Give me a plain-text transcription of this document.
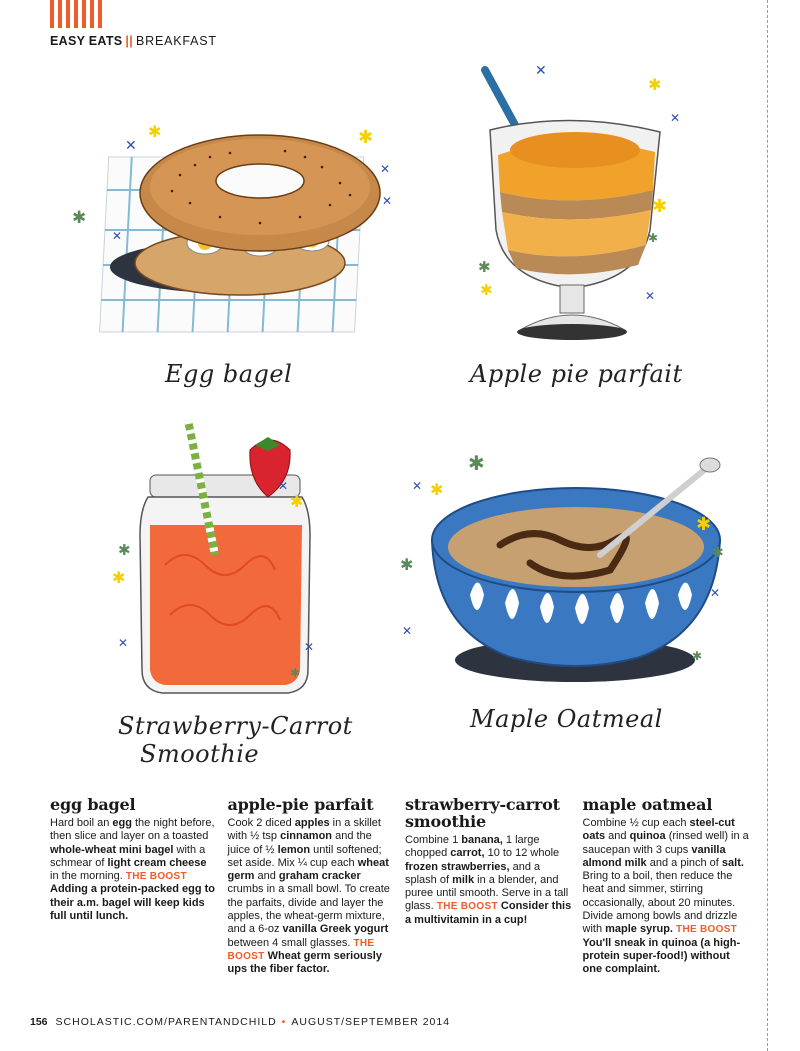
EASY EATS || BREAKFAST
✕
✱
✱
✕
✱
✕
✕
Egg bagel
✕
✱
✕
✱
✱
✱
✱	✕
Apple pie parfait
✱
✕
✱
✱
✕	✕
✱
Strawberry-Carrot
Smoothie
✱
✱
✕
✱
✱
✱
✕
✕
✱
Maple Oatmeal
egg bagel

Hard boil an egg the night before, then slice and layer on a toasted whole-wheat mini bagel with a schmear of light cream cheese in the morning. THE BOOST Adding a protein-packed egg to their a.m. bagel will keep kids full until lunch.

apple-pie parfait

Cook 2 diced apples in a skillet with ½ tsp cinnamon and the juice of ½ lemon until softened; set aside. Mix ¼ cup each wheat germ and graham cracker crumbs in a small bowl. To create the parfaits, divide and layer the apples, the wheat-germ mixture, and a 6-oz vanilla Greek yogurt between 4 small glasses. THE BOOST Wheat germ seriously ups the fiber factor.

strawberry-carrot smoothie

Combine 1 banana, 1 large chopped carrot, 10 to 12 whole frozen strawberries, and a splash of milk in a blender, and puree until smooth. Serve in a tall glass. THE BOOST Consider this a multivitamin in a cup!

maple oatmeal

Combine ½ cup each steel-cut oats and quinoa (rinsed well) in a saucepan with 3 cups vanilla almond milk and a pinch of salt. Bring to a boil, then reduce the heat and simmer, stirring occasionally, about 20 minutes. Divide among bowls and drizzle with maple syrup. THE BOOST You'll sneak in quinoa (a high-protein super-food!) without one complaint.

156 SCHOLASTIC.COM/PARENTANDCHILD • AUGUST/SEPTEMBER 2014
